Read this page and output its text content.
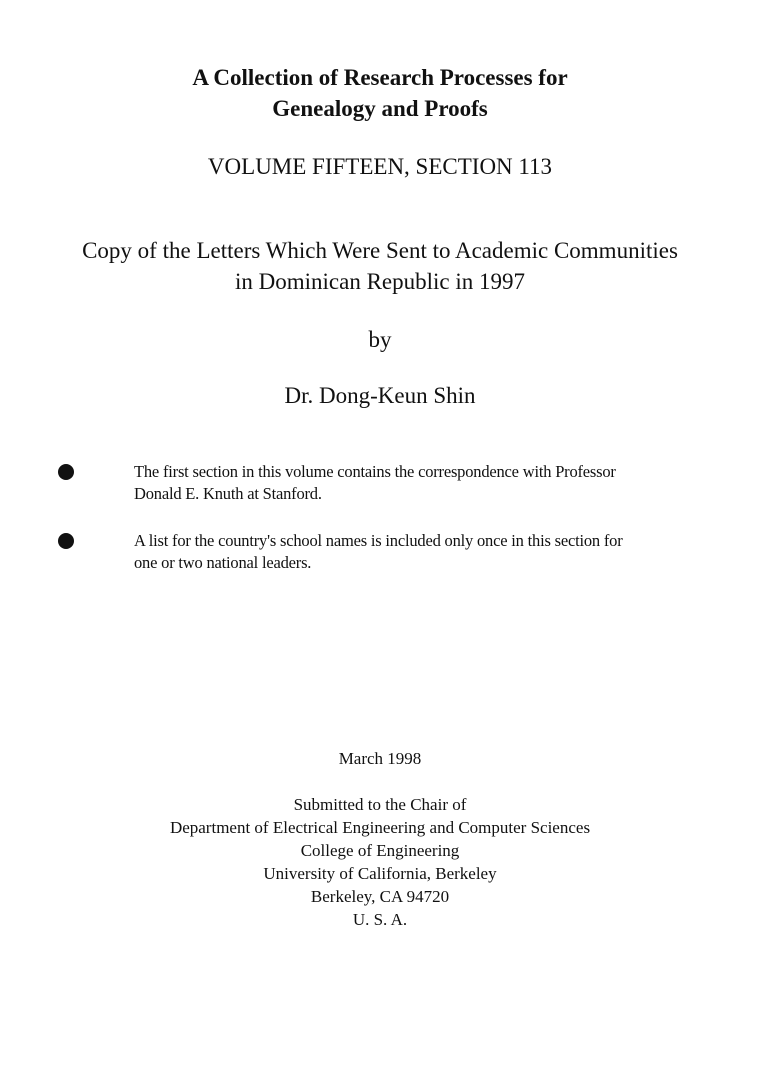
A Collection of Research Processes for
Genealogy and Proofs
VOLUME FIFTEEN, SECTION 113
Copy of the Letters Which Were Sent to Academic Communities
in Dominican Republic in 1997
by
Dr. Dong-Keun Shin
The first section in this volume contains the correspondence with Professor
Donald E. Knuth at Stanford.
A list for the country's school names is included only once in this section for
one or two national leaders.
March 1998
Submitted to the Chair of
Department of Electrical Engineering and Computer Sciences
College of Engineering
University of California, Berkeley
Berkeley, CA 94720
U. S. A.
